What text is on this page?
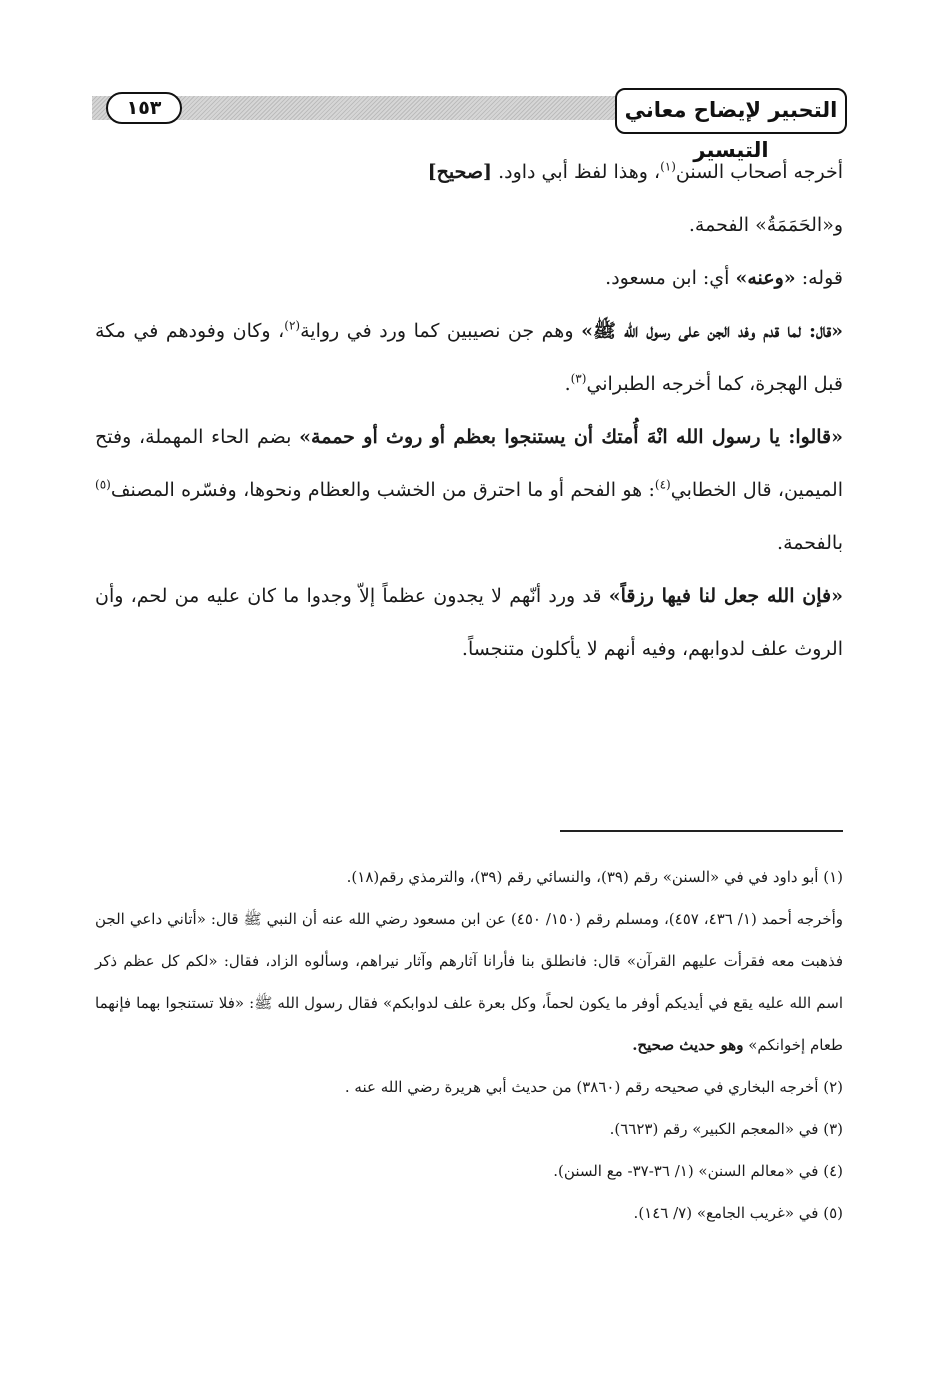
التحبير لإيضاح معاني التيسير
١٥٣

أخرجه أصحاب السنن$^{(١)}$، وهذا لفظ أبي داود. [صحيح]

و«الحَمَمَةُ» الفحمة.

قوله: «وعنه» أي: ابن مسعود.

«قال: لما قدم وفد الجن على رسول الله ﷺ» وهم جن نصيبين كما ورد في رواية$^{(٢)}$، وكان وفودهم في مكة قبل الهجرة، كما أخرجه الطبراني$^{(٣)}$.

«قالوا: يا رسول الله انْهَ أُمتك أن يستنجوا بعظم أو روث أو حممة» بضم الحاء المهملة، وفتح الميمين، قال الخطابي$^{(٤)}$: هو الفحم أو ما احترق من الخشب والعظام ونحوها، وفسّره المصنف$^{(٥)}$ بالفحمة.

«فإن الله جعل لنا فيها رزقاً» قد ورد أنّهم لا يجدون عظماً إلاّ وجدوا ما كان عليه من لحم، وأن الروث علف لدوابهم، وفيه أنهم لا يأكلون متنجساً.

(١) أبو داود في في «السنن» رقم (٣٩)، والنسائي رقم (٣٩)، والترمذي رقم(١٨).

وأخرجه أحمد (١/ ٤٣٦، ٤٥٧)، ومسلم رقم (١٥٠/ ٤٥٠) عن ابن مسعود رضي الله عنه أن النبي ﷺ قال: «أتاني داعي الجن فذهبت معه فقرأت عليهم القرآن» قال: فانطلق بنا فأرانا آثارهم وآثار نيراهم، وسألوه الزاد، فقال: «لكم كل عظم ذكر اسم الله عليه يقع في أيديكم أوفر ما يكون لحماً، وكل بعرة علف لدوابكم» فقال رسول الله ﷺ: «فلا تستنجوا بهما فإنهما طعام إخوانكم» وهو حديث صحيح.

(٢) أخرجه البخاري في صحيحه رقم (٣٨٦٠) من حديث أبي هريرة رضي الله عنه .

(٣) في «المعجم الكبير» رقم (٦٦٢٣).

(٤) في «معالم السنن» (١/ ٣٦-٣٧- مع السنن).

(٥) في «غريب الجامع» (٧/ ١٤٦).
